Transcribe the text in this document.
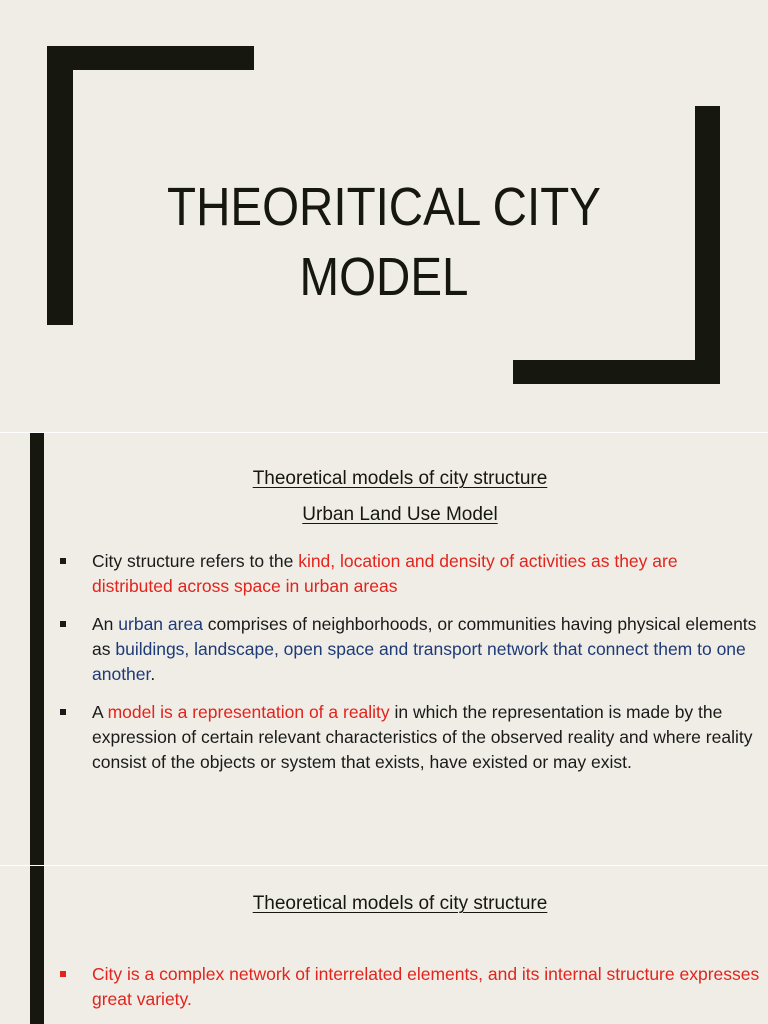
THEORITICAL CITY
MODEL
Theoretical models of city structure
Urban Land Use Model
City structure refers to the kind, location and density of activities as they are distributed across space in urban areas
An urban area comprises of neighborhoods, or communities having physical elements as buildings, landscape, open space and transport network that connect them to one another.
A model is a representation of a reality in which the representation is made by the expression of certain relevant characteristics of the observed reality and where reality consist of the objects or system that exists, have existed or may exist.
Theoretical models of city structure
City is a complex network of interrelated elements, and its internal structure expresses great variety.
